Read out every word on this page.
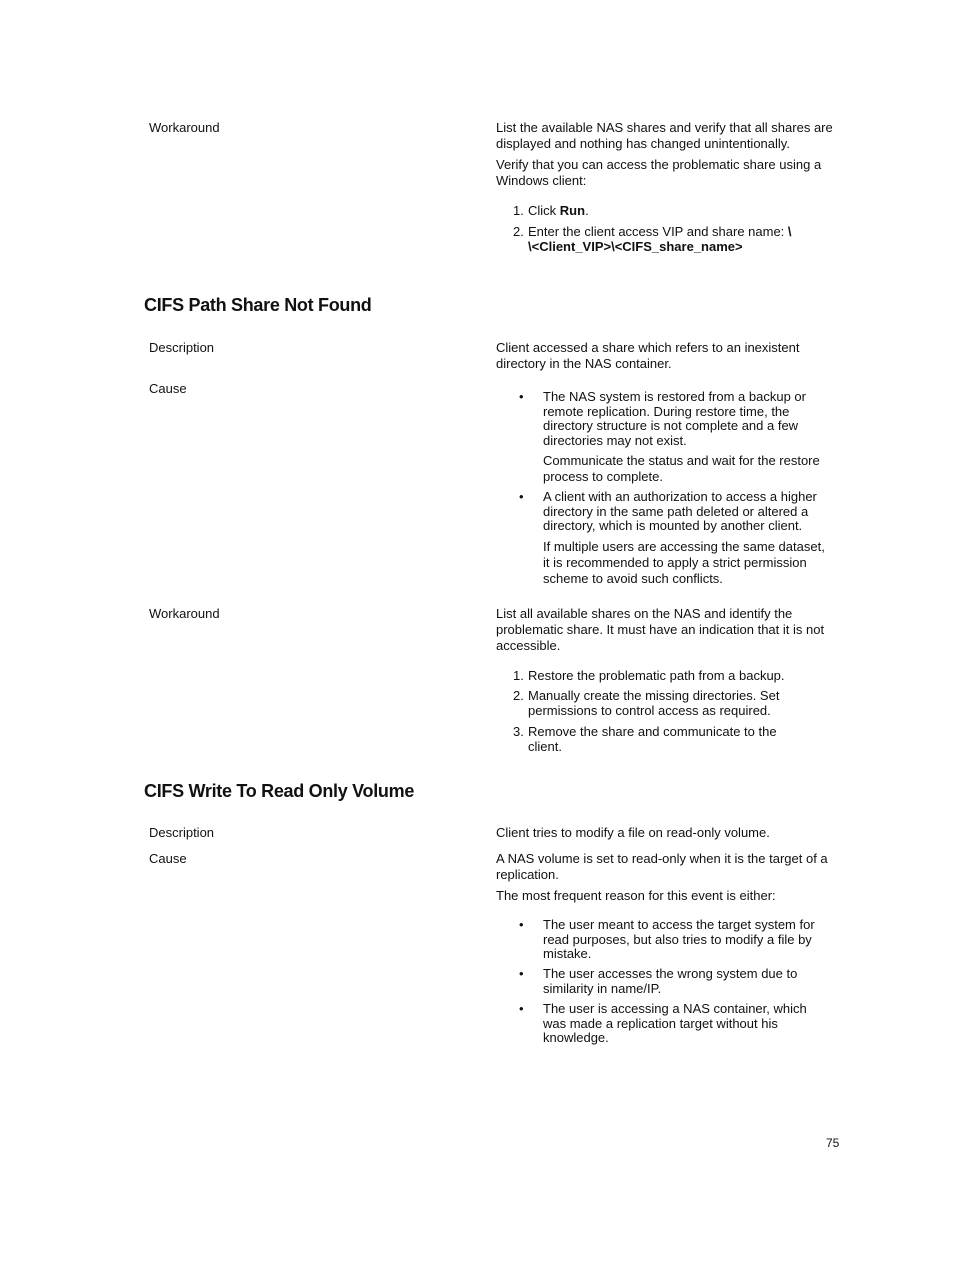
Workaround	List the available NAS shares and verify that all shares are displayed and nothing has changed unintentionally.
Verify that you can access the problematic share using a Windows client:
1. Click Run.
2. Enter the client access VIP and share name: \
\<Client_VIP>\<CIFS_share_name>
CIFS Path Share Not Found
Description	Client accessed a share which refers to an inexistent directory in the NAS container.
Cause
• The NAS system is restored from a backup or remote replication. During restore time, the directory structure is not complete and a few directories may not exist.
Communicate the status and wait for the restore process to complete.
• A client with an authorization to access a higher directory in the same path deleted or altered a directory, which is mounted by another client.
If multiple users are accessing the same dataset, it is recommended to apply a strict permission scheme to avoid such conflicts.
Workaround	List all available shares on the NAS and identify the problematic share. It must have an indication that it is not accessible.
1. Restore the problematic path from a backup.
2. Manually create the missing directories. Set permissions to control access as required.
3. Remove the share and communicate to the client.
CIFS Write To Read Only Volume
Description	Client tries to modify a file on read-only volume.
Cause	A NAS volume is set to read-only when it is the target of a replication.
The most frequent reason for this event is either:
• The user meant to access the target system for read purposes, but also tries to modify a file by mistake.
• The user accesses the wrong system due to similarity in name/IP.
• The user is accessing a NAS container, which was made a replication target without his knowledge.
75
